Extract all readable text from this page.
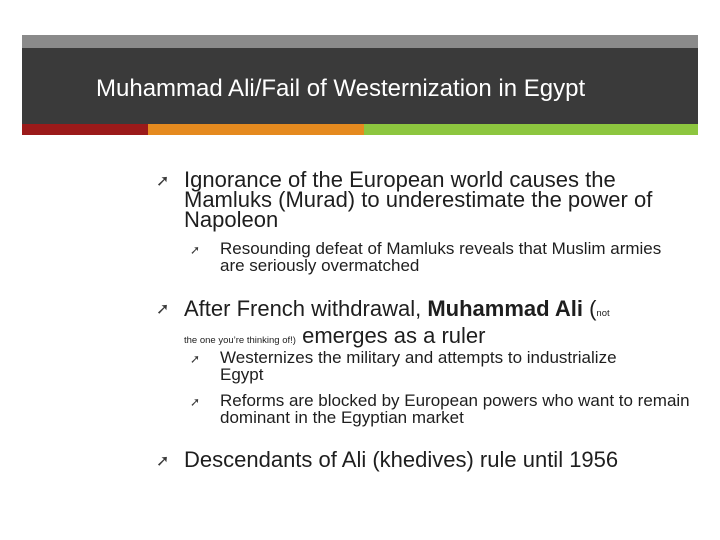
Muhammad Ali/Fail of Westernization in Egypt
➚ Ignorance of the European world causes the Mamluks (Murad) to underestimate the power of Napoleon
➚ Resounding defeat of Mamluks reveals that Muslim armies are seriously overmatched
➚ After French withdrawal, Muhammad Ali (not
the one you’re thinking of!) emerges as a ruler
➚ Westernizes the military and attempts to industrialize Egypt
➚ Reforms are blocked by European powers who want to remain dominant in the Egyptian market
➚ Descendants of Ali (khedives) rule until 1956
